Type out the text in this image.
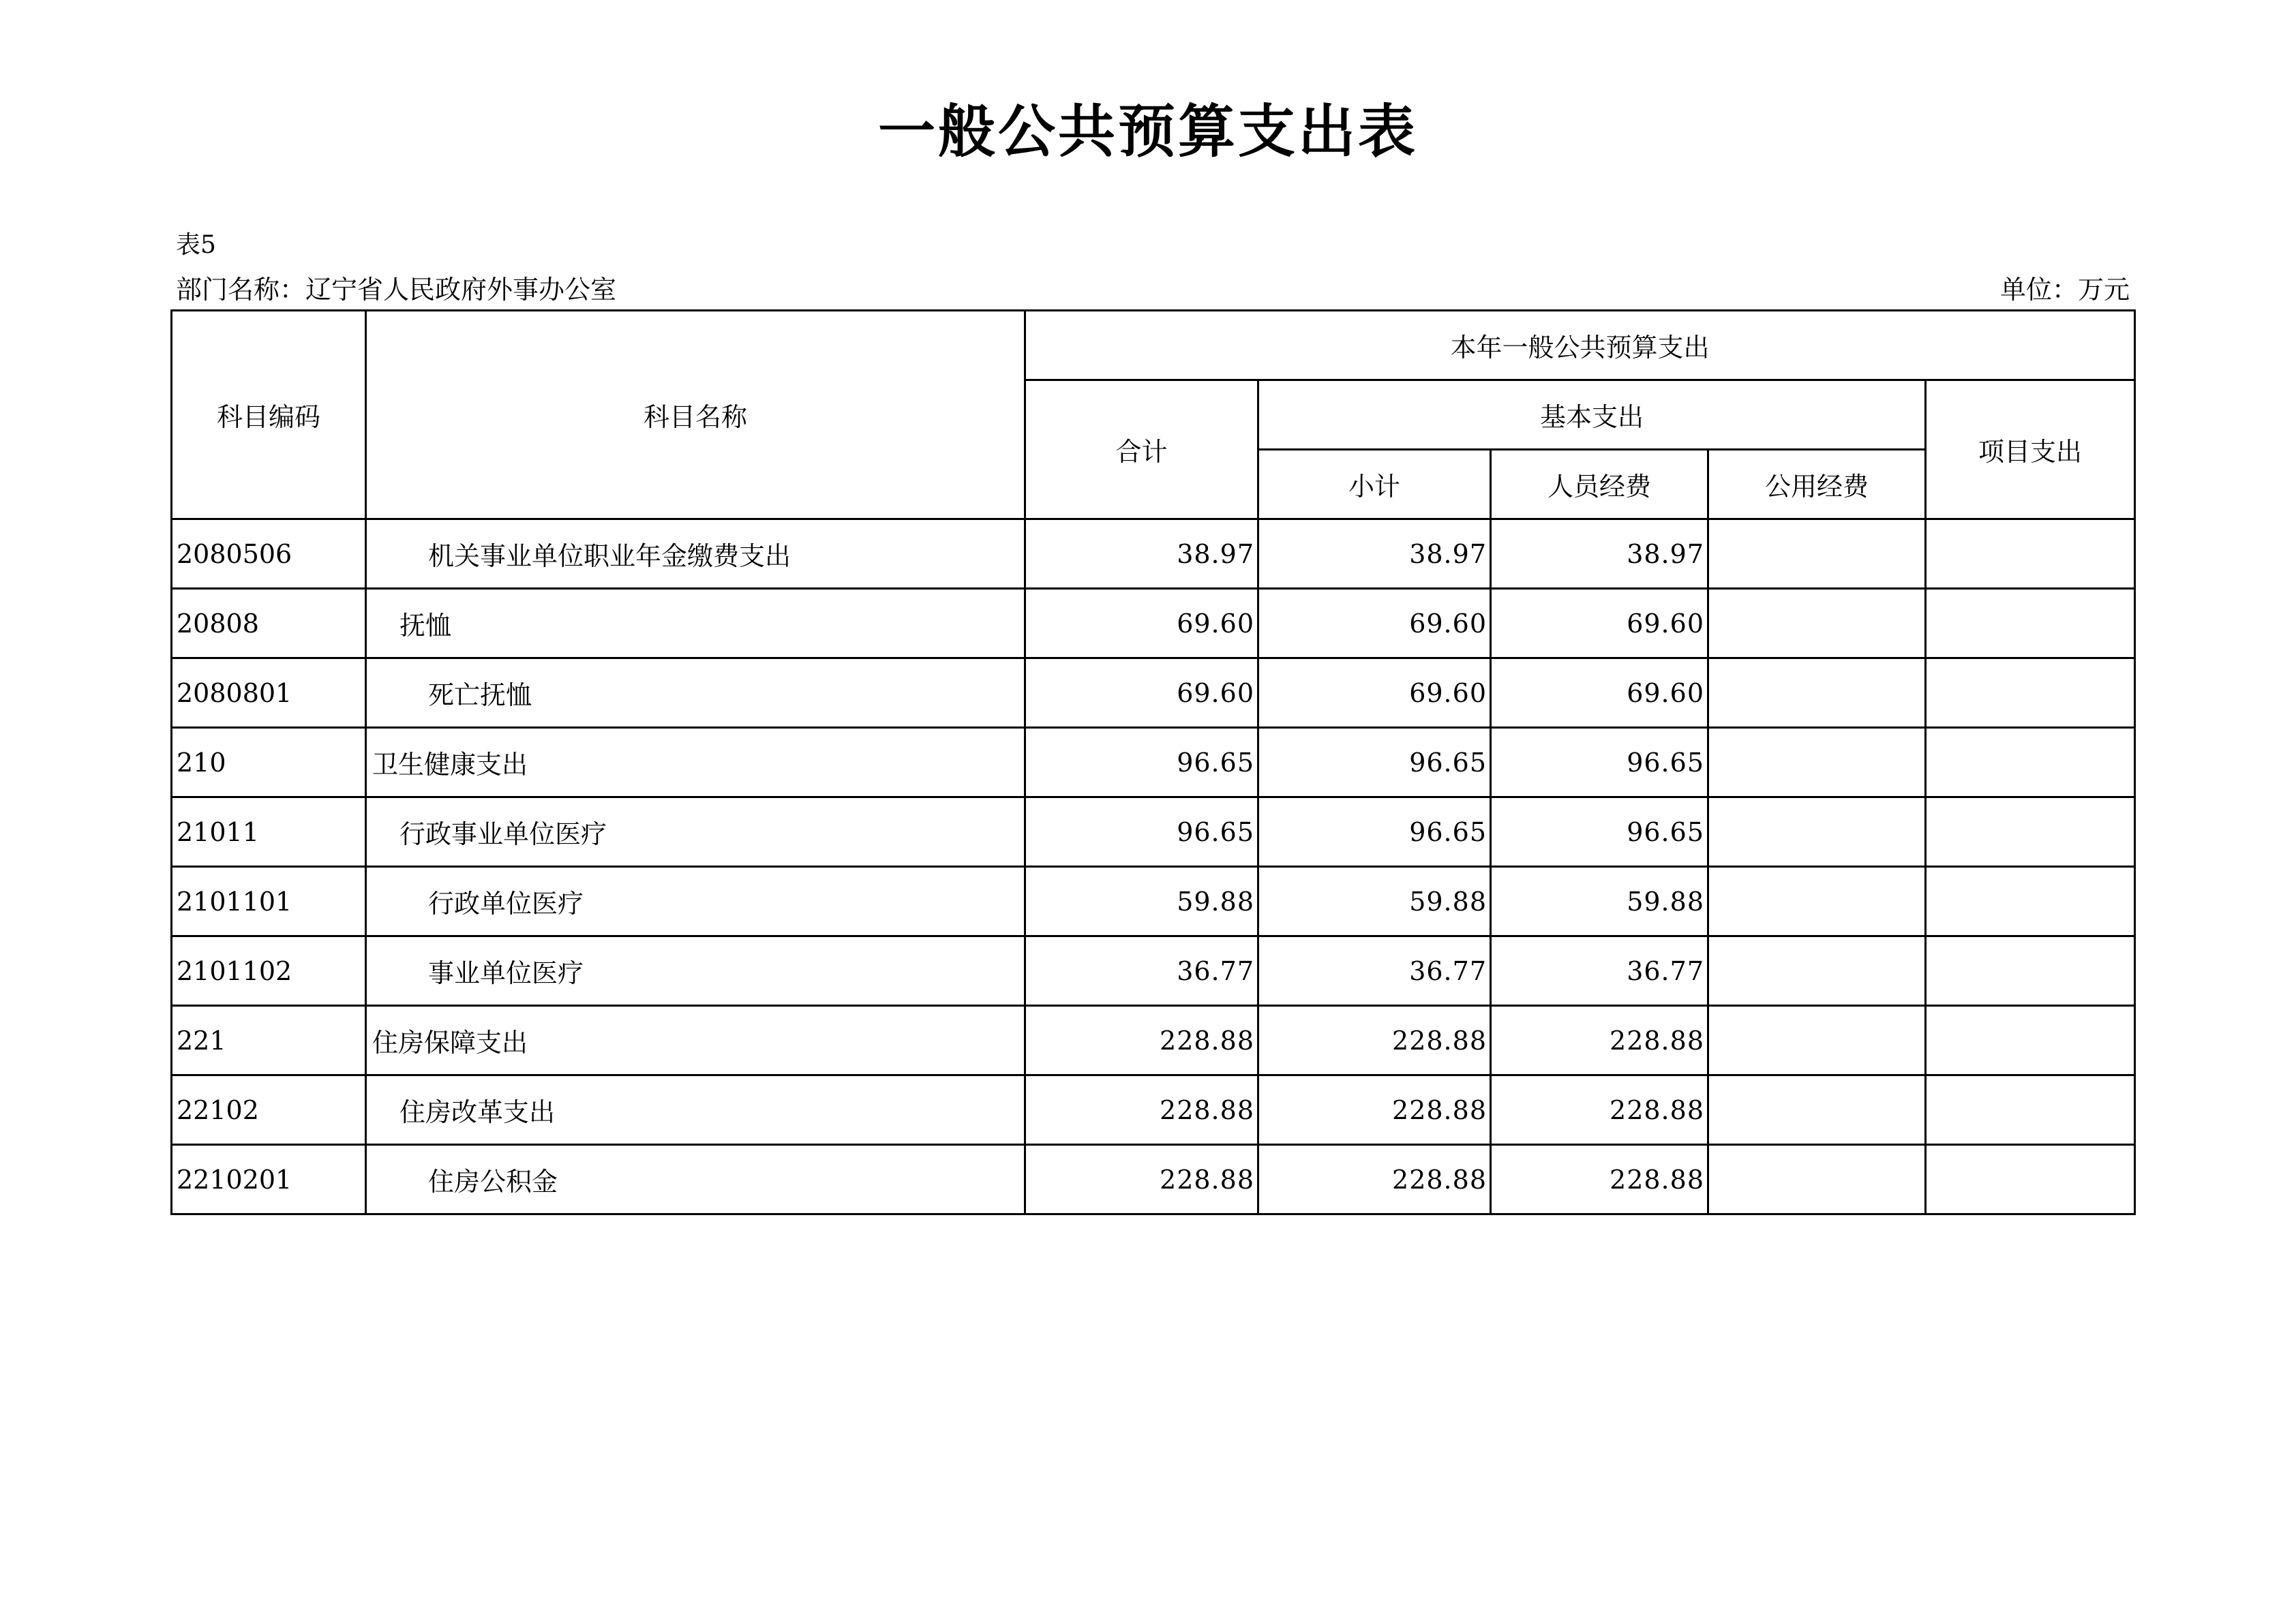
一般公共预算支出表
表5
部门名称：辽宁省人民政府外事办公室	单位：万元
科目编码	科目名称	本年一般公共预算支出				
		合计	基本支出			项目支出
			小计	人员经费	公用经费	
2080506	机关事业单位职业年金缴费支出	38.97	38.97	38.97		
20808	抚恤	69.60	69.60	69.60		
2080801	死亡抚恤	69.60	69.60	69.60		
210	卫生健康支出	96.65	96.65	96.65		
21011	行政事业单位医疗	96.65	96.65	96.65		
2101101	行政单位医疗	59.88	59.88	59.88		
2101102	事业单位医疗	36.77	36.77	36.77		
221	住房保障支出	228.88	228.88	228.88		
22102	住房改革支出	228.88	228.88	228.88		
2210201	住房公积金	228.88	228.88	228.88		
